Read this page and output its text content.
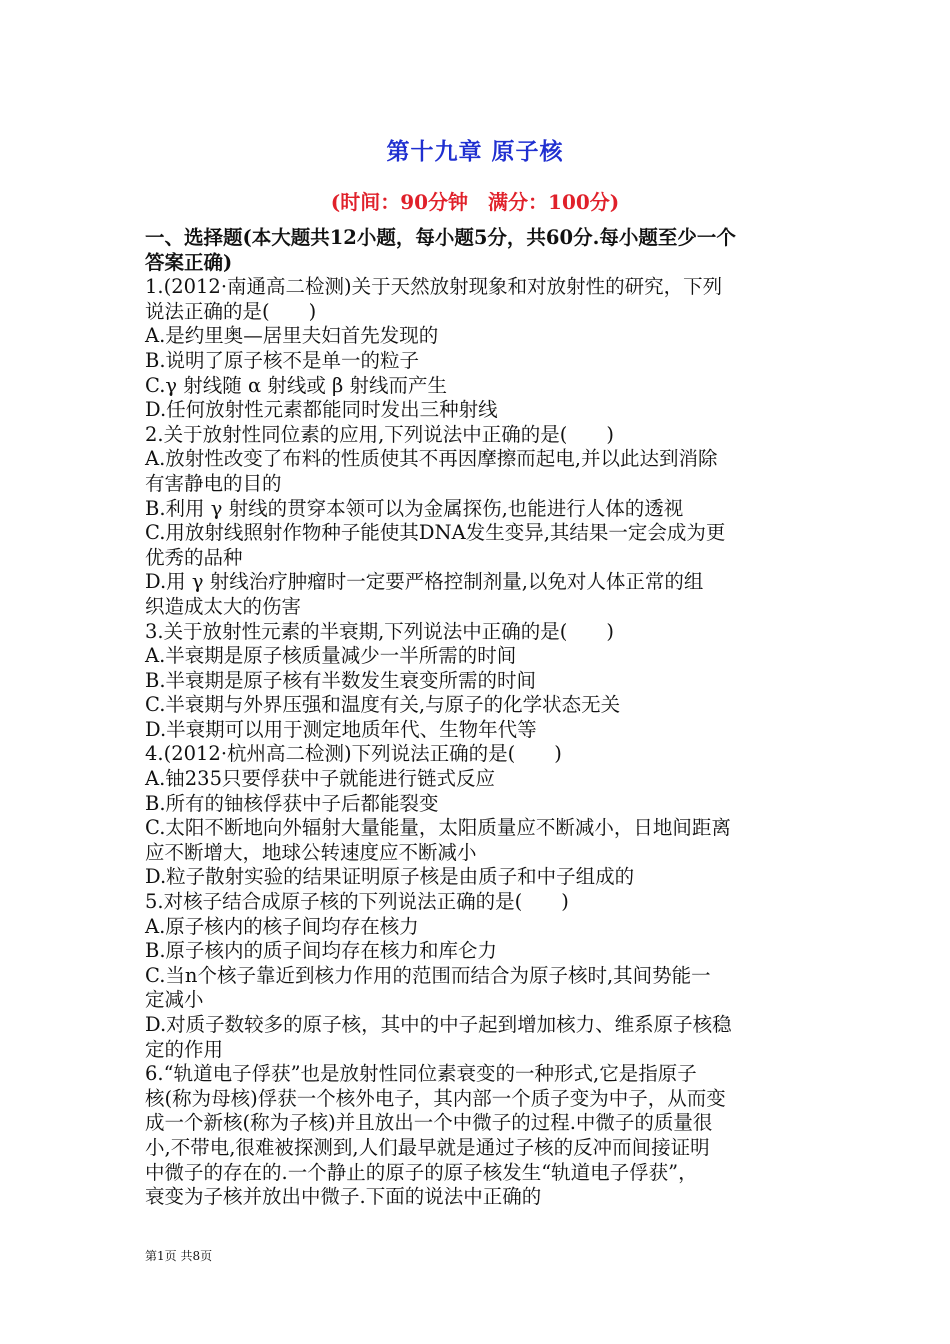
第十九章 原子核
(时间：90分钟　满分：100分)
一、选择题(本大题共12小题，每小题5分，共60分.每小题至少一个
答案正确)
1.(2012·南通高二检测)关于天然放射现象和对放射性的研究，下列
说法正确的是(　　)
A.是约里奥—居里夫妇首先发现的
B.说明了原子核不是单一的粒子
C.γ 射线随 α 射线或 β 射线而产生
D.任何放射性元素都能同时发出三种射线
2.关于放射性同位素的应用,下列说法中正确的是(　　)
A.放射性改变了布料的性质使其不再因摩擦而起电,并以此达到消除
有害静电的目的
B.利用 γ 射线的贯穿本领可以为金属探伤,也能进行人体的透视
C.用放射线照射作物种子能使其DNA发生变异,其结果一定会成为更
优秀的品种
D.用 γ 射线治疗肿瘤时一定要严格控制剂量,以免对人体正常的组
织造成太大的伤害
3.关于放射性元素的半衰期,下列说法中正确的是(　　)
A.半衰期是原子核质量减少一半所需的时间
B.半衰期是原子核有半数发生衰变所需的时间
C.半衰期与外界压强和温度有关,与原子的化学状态无关
D.半衰期可以用于测定地质年代、生物年代等
4.(2012·杭州高二检测)下列说法正确的是(　　)
A.铀235只要俘获中子就能进行链式反应
B.所有的铀核俘获中子后都能裂变
C.太阳不断地向外辐射大量能量，太阳质量应不断减小，日地间距离
应不断增大，地球公转速度应不断减小
D.粒子散射实验的结果证明原子核是由质子和中子组成的
5.对核子结合成原子核的下列说法正确的是(　　)
A.原子核内的核子间均存在核力
B.原子核内的质子间均存在核力和库仑力
C.当n个核子靠近到核力作用的范围而结合为原子核时,其间势能一
定减小
D.对质子数较多的原子核，其中的中子起到增加核力、维系原子核稳
定的作用
6.“轨道电子俘获”也是放射性同位素衰变的一种形式,它是指原子
核(称为母核)俘获一个核外电子，其内部一个质子变为中子，从而变
成一个新核(称为子核)并且放出一个中微子的过程.中微子的质量很
小,不带电,很难被探测到,人们最早就是通过子核的反冲而间接证明
中微子的存在的.一个静止的原子的原子核发生“轨道电子俘获”，
衰变为子核并放出中微子.下面的说法中正确的
第1页 共8页
